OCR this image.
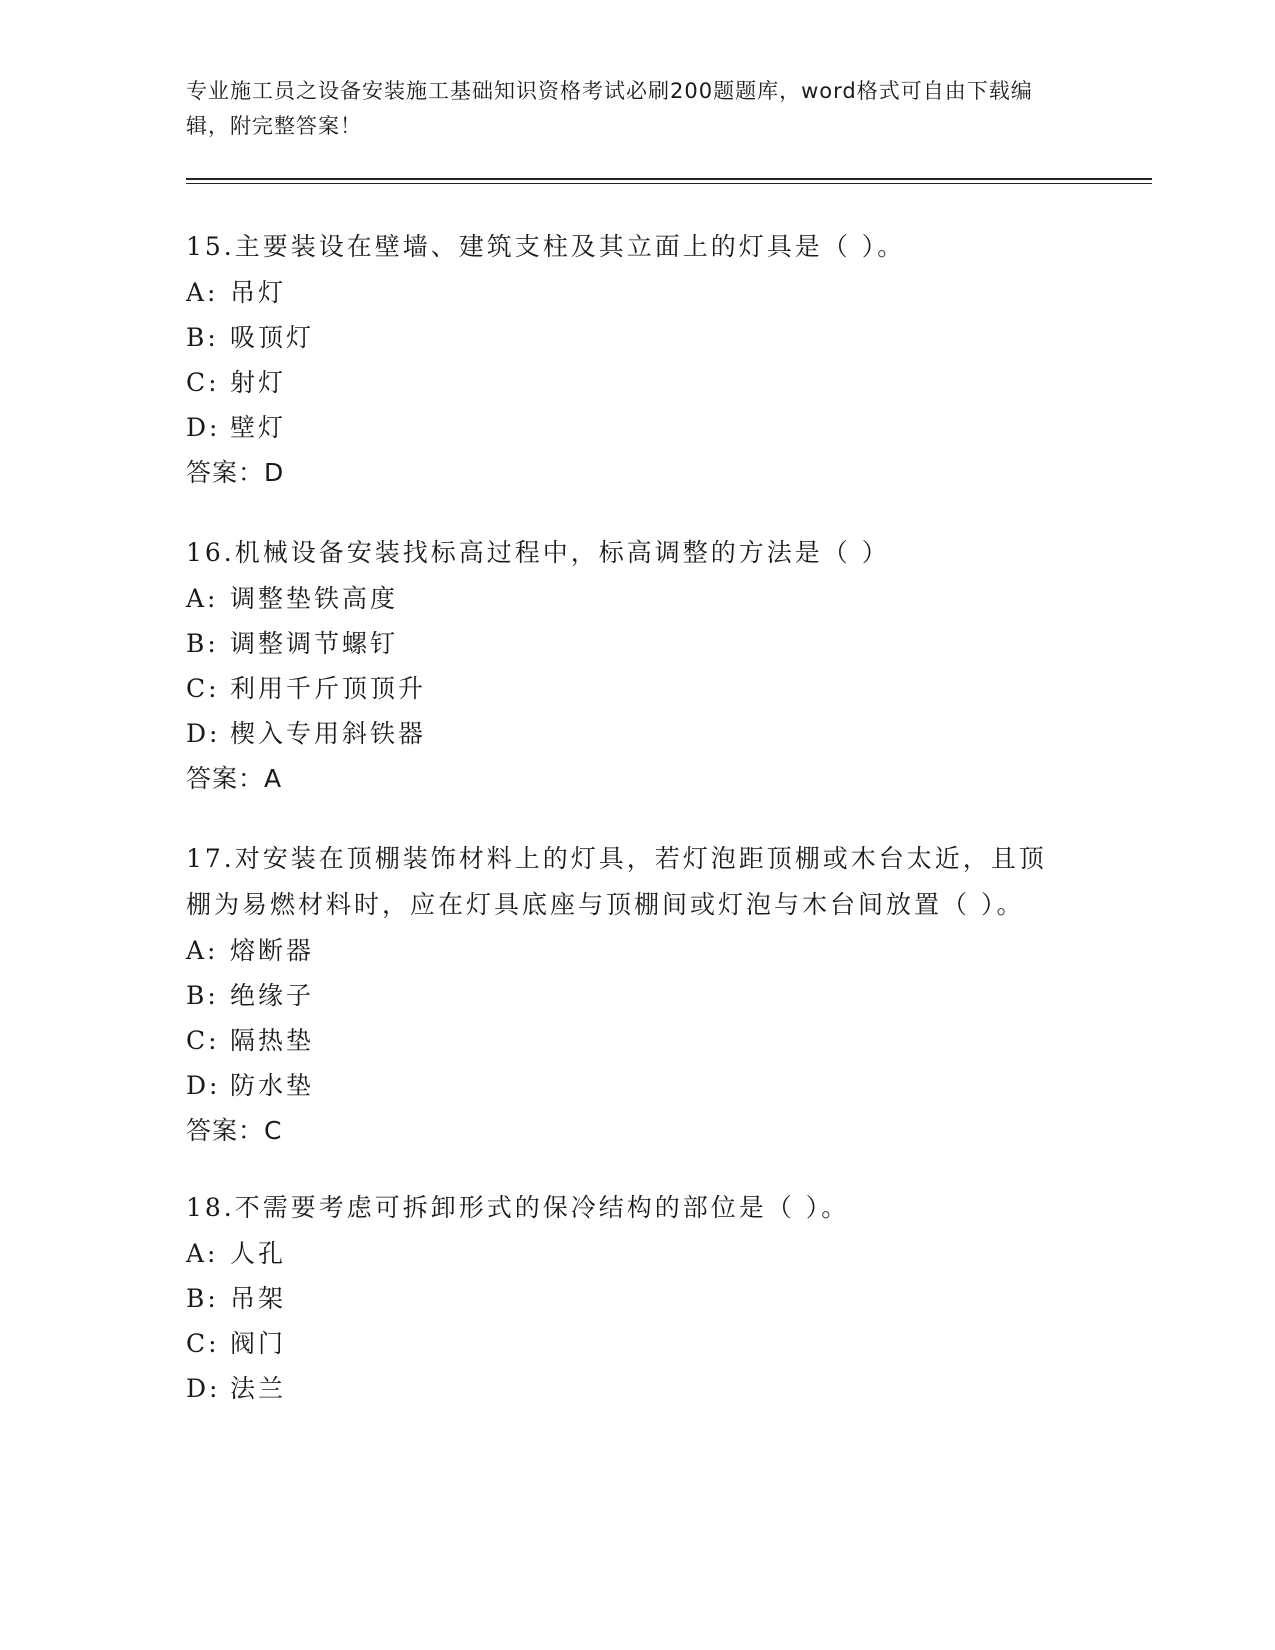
专业施工员之设备安装施工基础知识资格考试必刷200题题库，word格式可自由下载编辑，附完整答案！

15.主要装设在壁墙、建筑支柱及其立面上的灯具是（ ）。

A: 吊灯

B: 吸顶灯

C: 射灯

D: 壁灯

答案：D

16.机械设备安装找标高过程中，标高调整的方法是（ ）

A: 调整垫铁高度

B: 调整调节螺钉

C: 利用千斤顶顶升

D: 楔入专用斜铁器

答案：A

17.对安装在顶棚装饰材料上的灯具，若灯泡距顶棚或木台太近，且顶棚为易燃材料时，应在灯具底座与顶棚间或灯泡与木台间放置（ ）。

A: 熔断器

B: 绝缘子

C: 隔热垫

D: 防水垫

答案：C

18.不需要考虑可拆卸形式的保冷结构的部位是（ ）。

A: 人孔

B: 吊架

C: 阀门

D: 法兰
